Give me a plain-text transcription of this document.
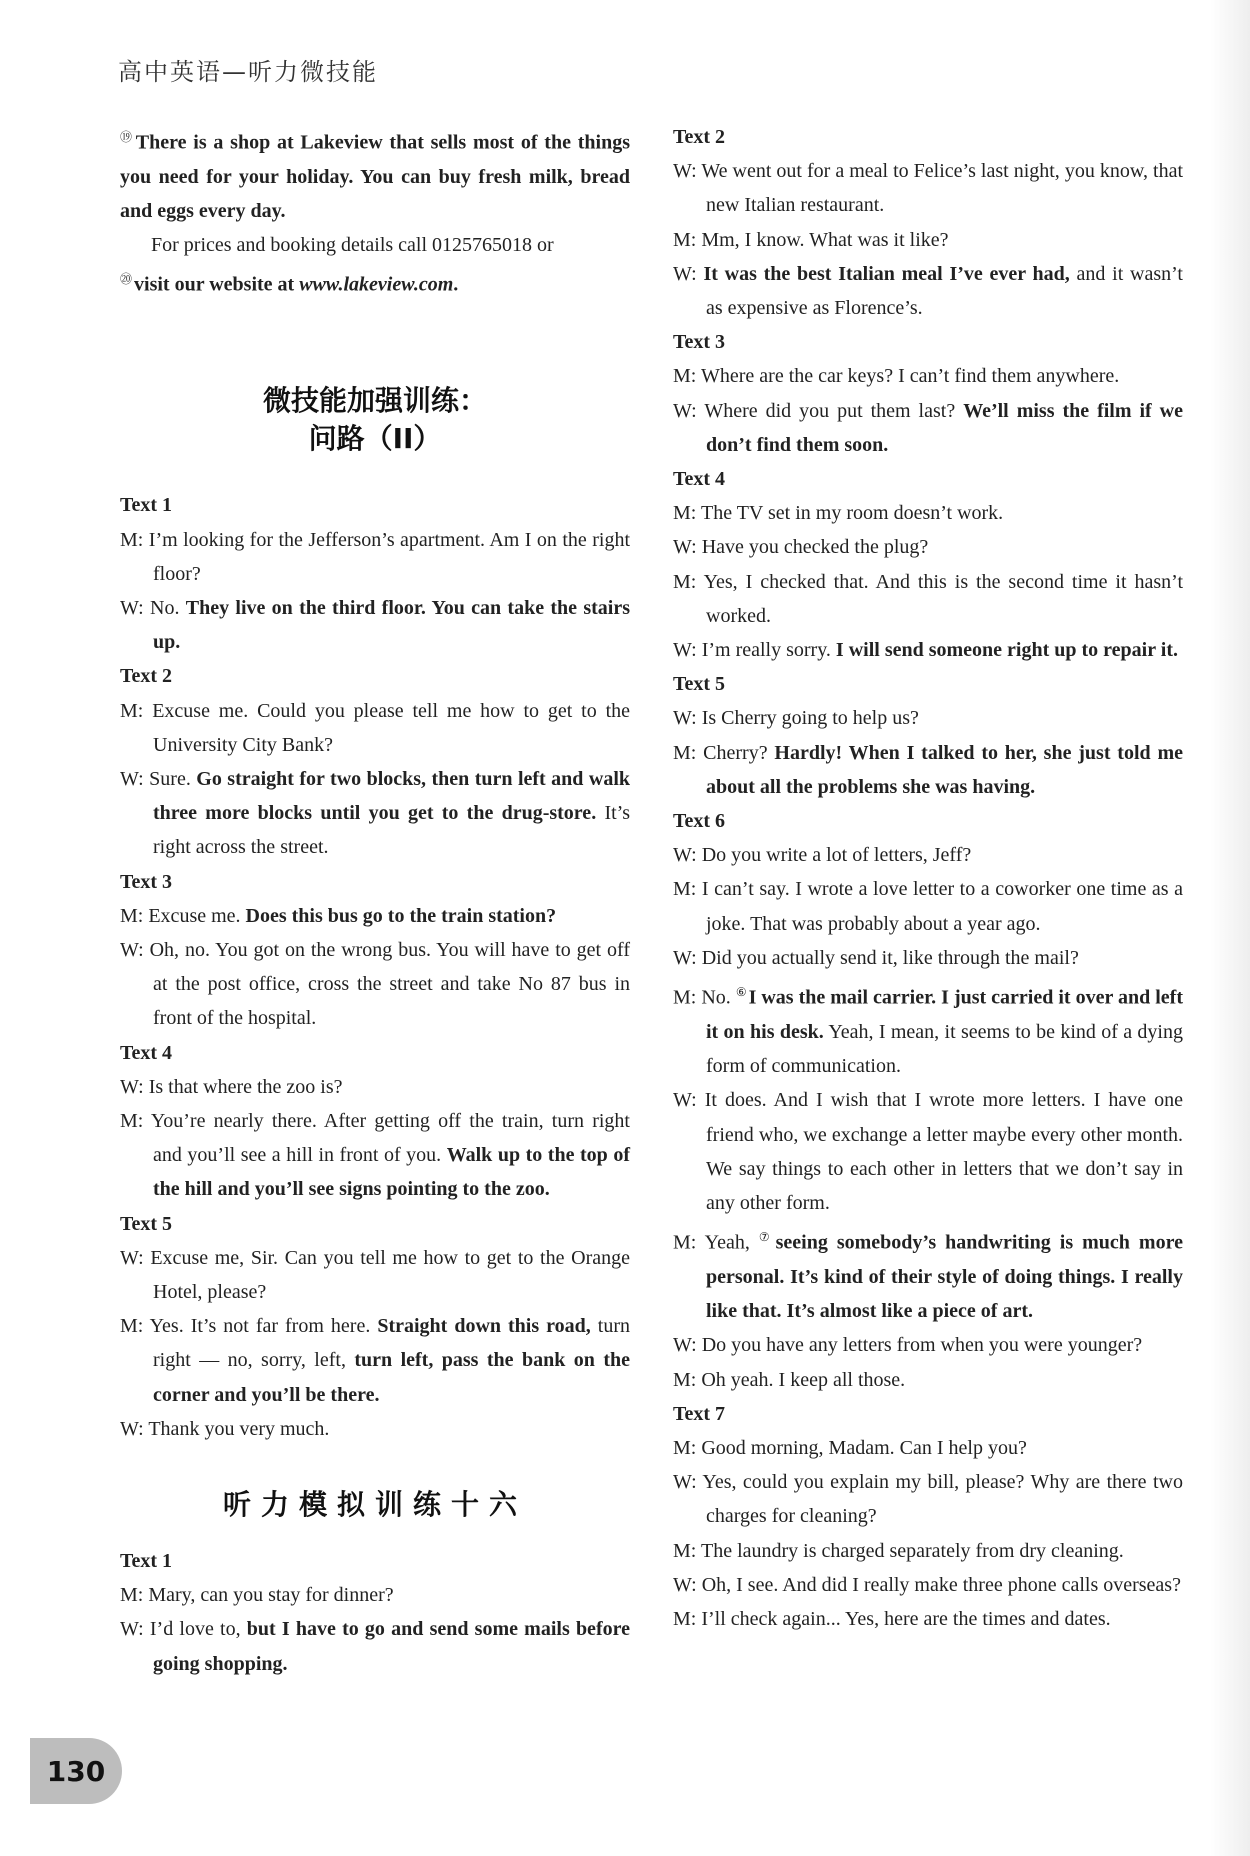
高中英语—听力微技能

⑲ There is a shop at Lakeview that sells most of the things you need for your holiday. You can buy fresh milk, bread and eggs every day.

For prices and booking details call 0125765018 or
⑳ visit our website at www.lakeview.com.

微技能加强训练：

问路（II）

Text 1

M: I’m looking for the Jefferson’s apartment. Am I on the right floor?

W: No. They live on the third floor. You can take the stairs up.

Text 2

M: Excuse me. Could you please tell me how to get to the University City Bank?

W: Sure. Go straight for two blocks, then turn left and walk three more blocks until you get to the drug-store. It’s right across the street.

Text 3

M: Excuse me. Does this bus go to the train station?

W: Oh, no. You got on the wrong bus. You will have to get off at the post office, cross the street and take No 87 bus in front of the hospital.

Text 4

W: Is that where the zoo is?

M: You’re nearly there. After getting off the train, turn right and you’ll see a hill in front of you. Walk up to the top of the hill and you’ll see signs pointing to the zoo.

Text 5

W: Excuse me, Sir. Can you tell me how to get to the Orange Hotel, please?

M: Yes. It’s not far from here. Straight down this road, turn right — no, sorry, left, turn left, pass the bank on the corner and you’ll be there.

W: Thank you very much.

听力模拟训练十六

Text 1

M: Mary, can you stay for dinner?

W: I’d love to, but I have to go and send some mails before going shopping.

Text 2

W: We went out for a meal to Felice’s last night, you know, that new Italian restaurant.

M: Mm, I know. What was it like?

W: It was the best Italian meal I’ve ever had, and it wasn’t as expensive as Florence’s.

Text 3

M: Where are the car keys? I can’t find them anywhere.

W: Where did you put them last? We’ll miss the film if we don’t find them soon.

Text 4

M: The TV set in my room doesn’t work.

W: Have you checked the plug?

M: Yes, I checked that. And this is the second time it hasn’t worked.

W: I’m really sorry. I will send someone right up to repair it.

Text 5

W: Is Cherry going to help us?

M: Cherry? Hardly! When I talked to her, she just told me about all the problems she was having.

Text 6

W: Do you write a lot of letters, Jeff?

M: I can’t say. I wrote a love letter to a coworker one time as a joke. That was probably about a year ago.

W: Did you actually send it, like through the mail?

M: No. ⑥ I was the mail carrier. I just carried it over and left it on his desk. Yeah, I mean, it seems to be kind of a dying form of communication.

W: It does. And I wish that I wrote more letters. I have one friend who, we exchange a letter maybe every other month. We say things to each other in letters that we don’t say in any other form.

M: Yeah, ⑦ seeing somebody’s handwriting is much more personal. It’s kind of their style of doing things. I really like that. It’s almost like a piece of art.

W: Do you have any letters from when you were younger?

M: Oh yeah. I keep all those.

Text 7

M: Good morning, Madam. Can I help you?

W: Yes, could you explain my bill, please? Why are there two charges for cleaning?

M: The laundry is charged separately from dry cleaning.

W: Oh, I see. And did I really make three phone calls overseas?

M: I’ll check again... Yes, here are the times and dates.

130
